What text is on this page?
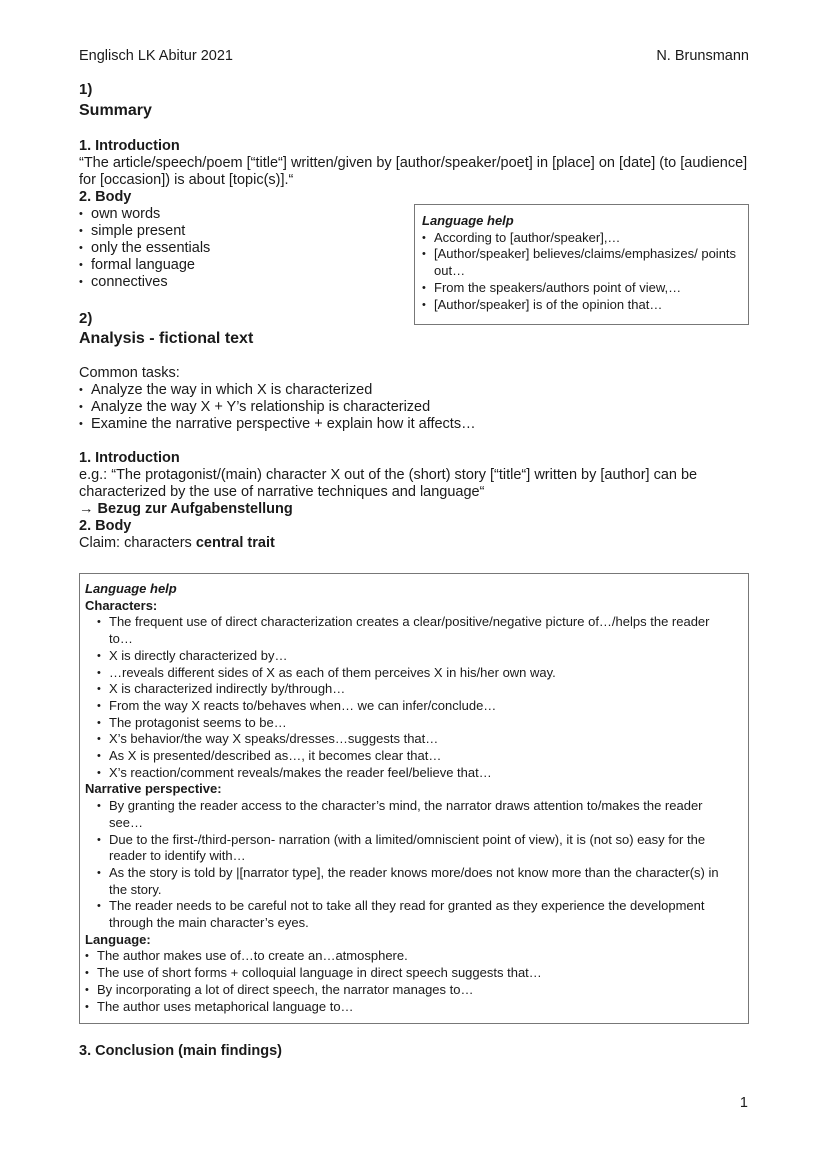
Englisch LK Abitur 2021	N. Brunsmann
1)
Summary
1. Introduction
“The article/speech/poem [“title“] written/given by [author/speaker/poet] in [place] on [date] (to [audience] for [occasion]) is about [topic(s)].“
2. Body
• own words
• simple present
• only the essentials
• formal language
• connectives
Language help
• According to [author/speaker],…
• [Author/speaker] believes/claims/emphasizes/ points out…
• From the speakers/authors point of view,…
• [Author/speaker] is of the opinion that…
2)
Analysis - fictional text
Common tasks:
• Analyze the way in which X is characterized
• Analyze the way X + Y’s relationship is characterized
• Examine the narrative perspective + explain how it affects…
1. Introduction
e.g.: “The protagonist/(main) character X out of the (short) story [“title“] written by [author] can be characterized by the use of narrative techniques and language“
→ Bezug zur Aufgabenstellung
2. Body
Claim: characters central trait
Language help
Characters:
• The frequent use of direct characterization creates a clear/positive/negative picture of…/helps the reader to…
• X is directly characterized by…
• …reveals different sides of X as each of them perceives X in his/her own way.
• X is characterized indirectly by/through…
• From the way X reacts to/behaves when… we can infer/conclude…
• The protagonist seems to be…
• X’s behavior/the way X speaks/dresses…suggests that…
• As X is presented/described as…, it becomes clear that…
• X’s reaction/comment reveals/makes the reader feel/believe that…
Narrative perspective:
• By granting the reader access to the character’s mind, the narrator draws attention to/makes the reader see…
• Due to the first-/third-person- narration (with a limited/omniscient point of view), it is (not so) easy for the reader to identify with…
• As the story is told by |[narrator type], the reader knows more/does not know more than the character(s) in the story.
• The reader needs to be careful not to take all they read for granted as they experience the development through the main character’s eyes.
Language:
• The author makes use of…to create an…atmosphere.
• The use of short forms + colloquial language in direct speech suggests that…
• By incorporating a lot of direct speech, the narrator manages to…
• The author uses metaphorical language to…
3. Conclusion (main findings)
1
